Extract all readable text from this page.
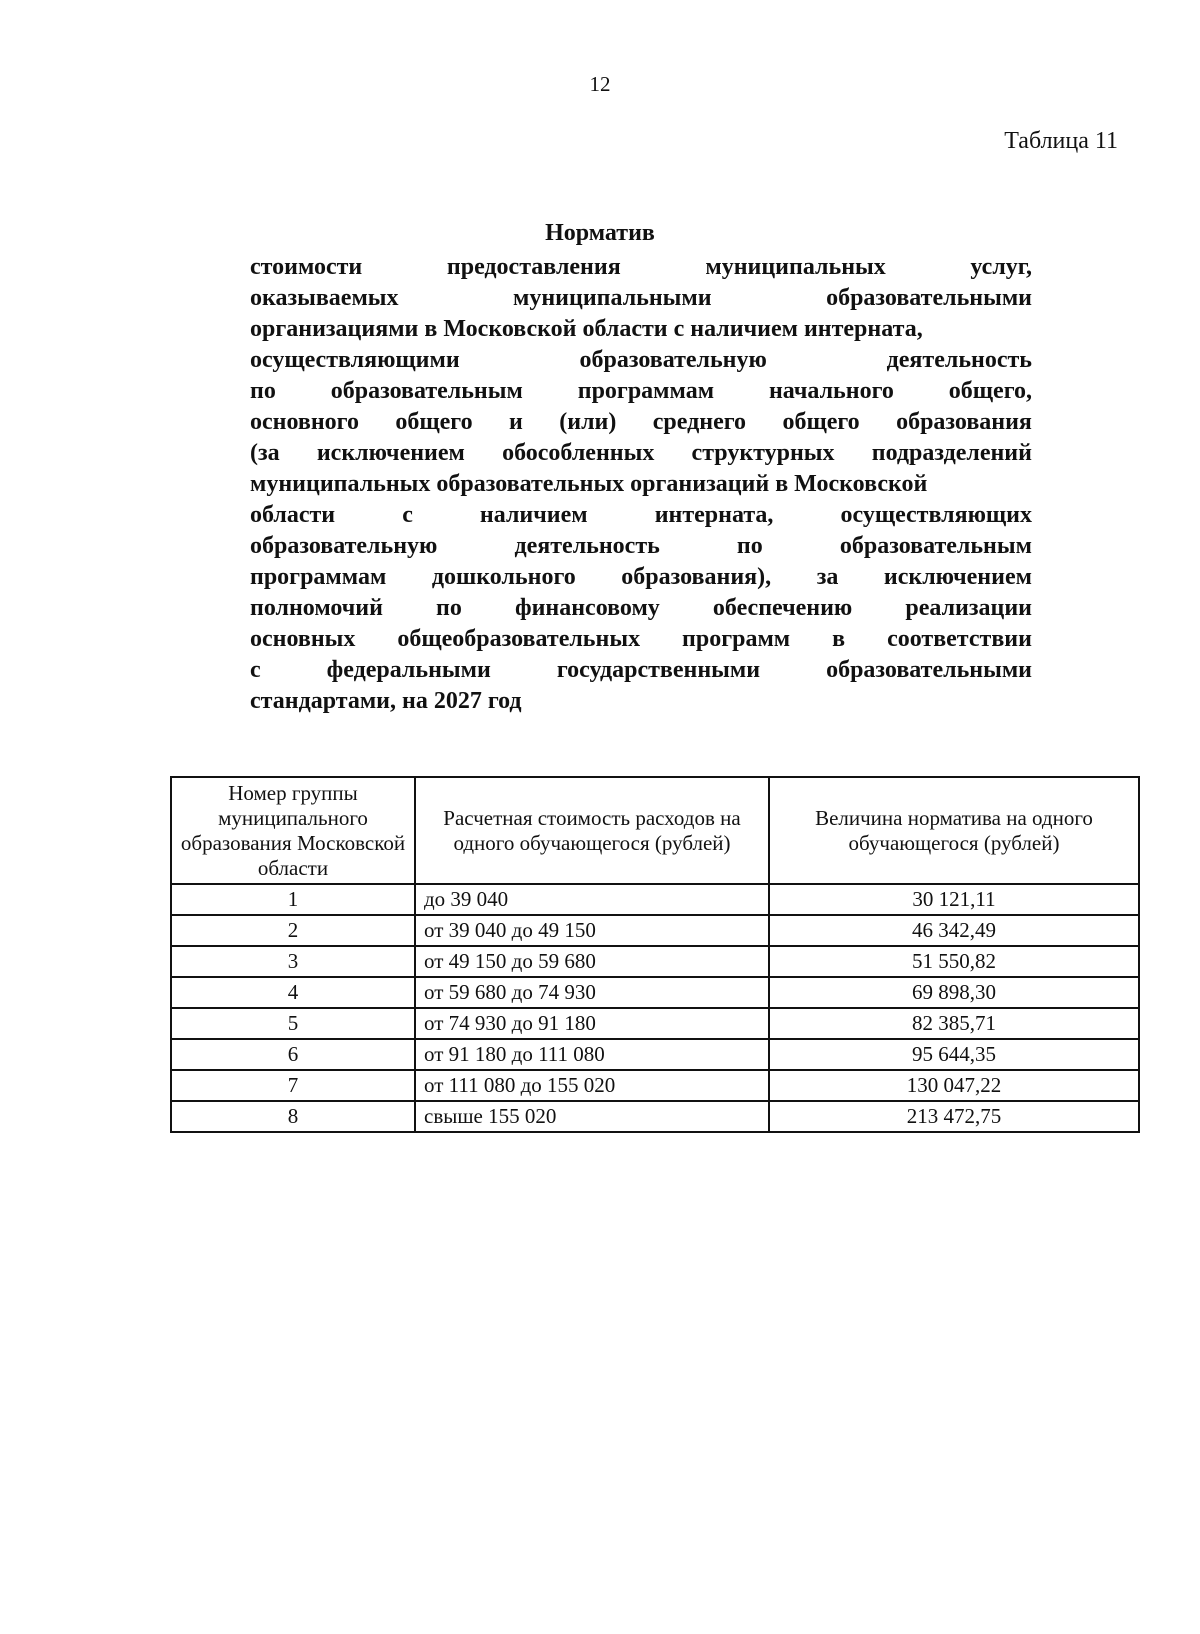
12
Таблица 11
Норматив
стоимости	предоставления	муниципальных	услуг,
оказываемых	муниципальными	образовательными
организациями в Московской области с наличием интерната,
осуществляющими	образовательную	деятельность
по образовательным программам начального общего,
основного общего и (или) среднего общего образования
(за исключением обособленных структурных подразделений
муниципальных образовательных организаций в Московской
области	с	наличием	интерната,	осуществляющих
образовательную	деятельность	по	образовательным
программам дошкольного образования), за исключением
полномочий по финансовому обеспечению реализации
основных общеобразовательных программ в соответствии
с	федеральными	государственными	образовательными
стандартами, на 2027 год
Номер группы муниципального образования Московской области	Расчетная стоимость расходов на одного обучающегося (рублей)	Величина норматива на одного обучающегося (рублей)
1	до 39 040	30 121,11
2	от 39 040 до 49 150	46 342,49
3	от 49 150 до 59 680	51 550,82
4	от 59 680 до 74 930	69 898,30
5	от 74 930 до 91 180	82 385,71
6	от 91 180 до 111 080	95 644,35
7	от 111 080 до 155 020	130 047,22
8	свыше 155 020	213 472,75
